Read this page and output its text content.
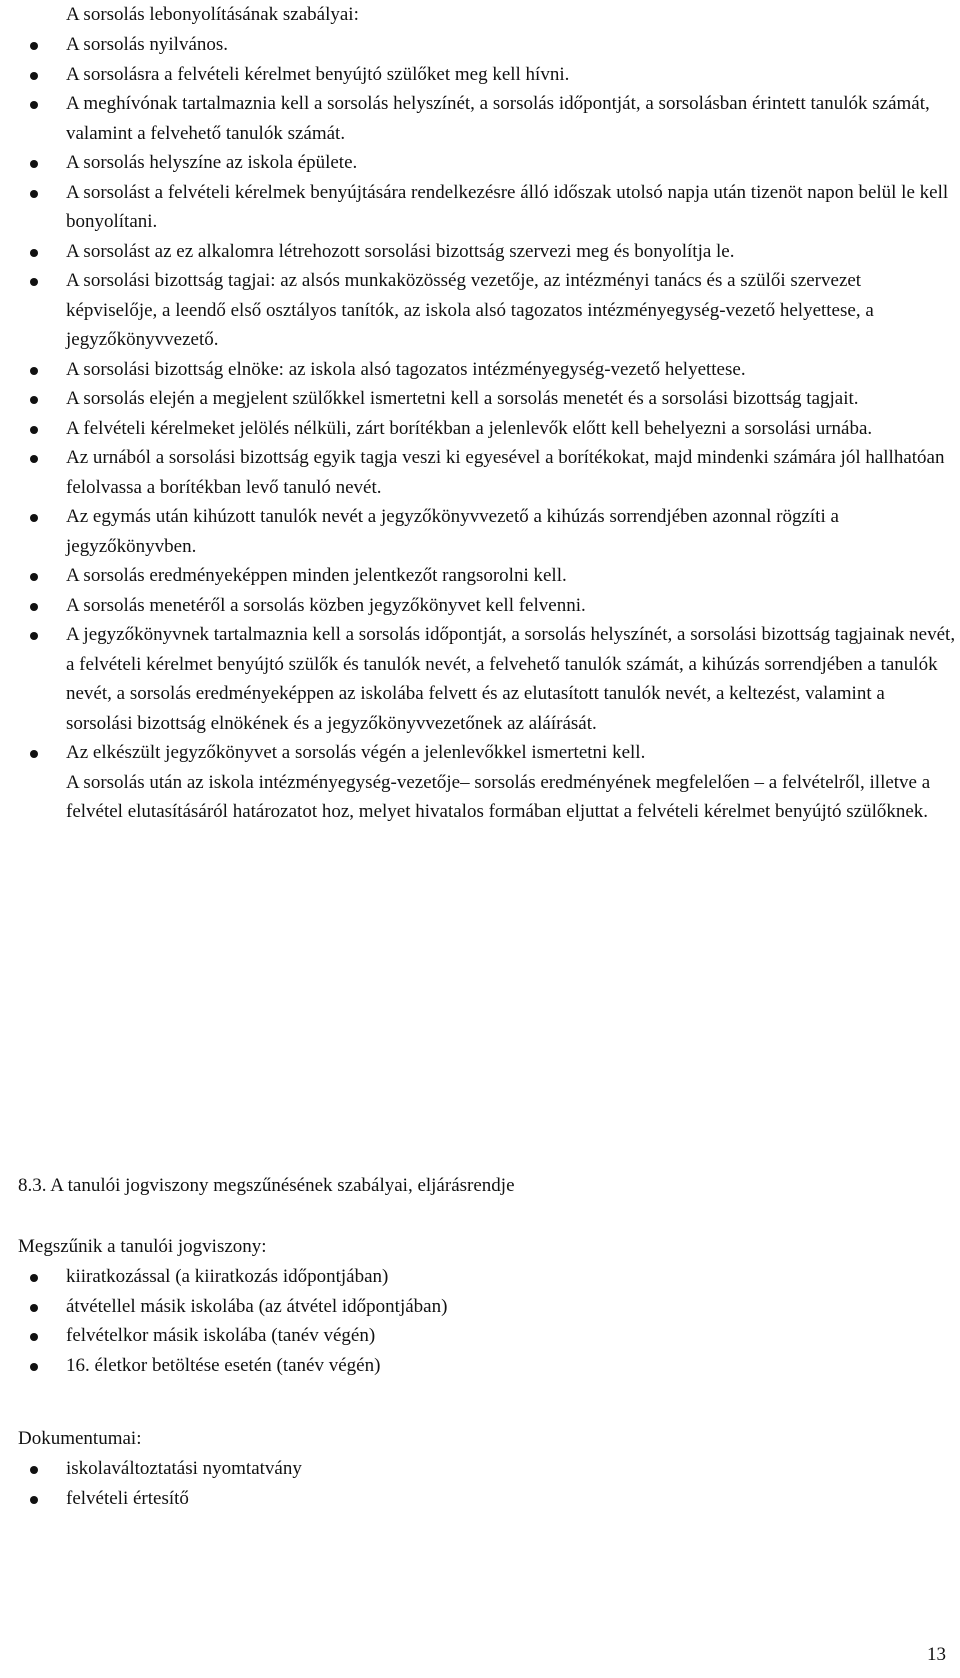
A sorsolás lebonyolításának szabályai:

A sorsolás nyilvános.
A sorsolásra a felvételi kérelmet benyújtó szülőket meg kell hívni.
A meghívónak tartalmaznia kell a sorsolás helyszínét, a sorsolás időpontját, a sorsolásban érintett tanulók számát, valamint a felvehető tanulók számát.
A sorsolás helyszíne az iskola épülete.
A sorsolást a felvételi kérelmek benyújtására rendelkezésre álló időszak utolsó napja után tizenöt napon belül le kell bonyolítani.
A sorsolást az ez alkalomra létrehozott sorsolási bizottság szervezi meg és bonyolítja le.
A sorsolási bizottság tagjai: az alsós munkaközösség vezetője, az intézményi tanács és a szülői szervezet képviselője, a leendő első osztályos tanítók, az iskola alsó tagozatos intézményegység-vezető helyettese, a jegyzőkönyvvezető.
A sorsolási bizottság elnöke: az iskola alsó tagozatos intézményegység-vezető helyettese.
A sorsolás elején a megjelent szülőkkel ismertetni kell a sorsolás menetét és a sorsolási bizottság tagjait.
A felvételi kérelmeket jelölés nélküli, zárt borítékban a jelenlevők előtt kell behelyezni a sorsolási urnába.
Az urnából a sorsolási bizottság egyik tagja veszi ki egyesével a borítékokat, majd mindenki számára jól hallhatóan felolvassa a borítékban levő tanuló nevét.
Az egymás után kihúzott tanulók nevét a jegyzőkönyvvezető a kihúzás sorrendjében azonnal rögzíti a jegyzőkönyvben.
A sorsolás eredményeképpen minden jelentkezőt rangsorolni kell.
A sorsolás menetéről a sorsolás közben jegyzőkönyvet kell felvenni.
A jegyzőkönyvnek tartalmaznia kell a sorsolás időpontját, a sorsolás helyszínét, a sorsolási bizottság tagjainak nevét, a felvételi kérelmet benyújtó szülők és tanulók nevét, a felvehető tanulók számát, a kihúzás sorrendjében a tanulók nevét, a sorsolás eredményeképpen az iskolába felvett és az elutasított tanulók nevét, a keltezést, valamint a sorsolási bizottság elnökének és a jegyzőkönyvvezetőnek az aláírását.
Az elkészült jegyzőkönyvet a sorsolás végén a jelenlevőkkel ismertetni kell.
A sorsolás után az iskola intézményegység-vezetője– sorsolás eredményének megfelelően – a felvételről, illetve a felvétel elutasításáról határozatot hoz, melyet hivatalos formában eljuttat a felvételi kérelmet benyújtó szülőknek.

8.3. A tanulói jogviszony megszűnésének szabályai, eljárásrendje

Megszűnik a tanulói jogviszony:

kiiratkozással (a kiiratkozás időpontjában)
átvétellel másik iskolába (az átvétel időpontjában)
felvételkor másik iskolába (tanév végén)
16. életkor betöltése esetén (tanév végén)

Dokumentumai:

iskolaváltoztatási nyomtatvány
felvételi értesítő
13
